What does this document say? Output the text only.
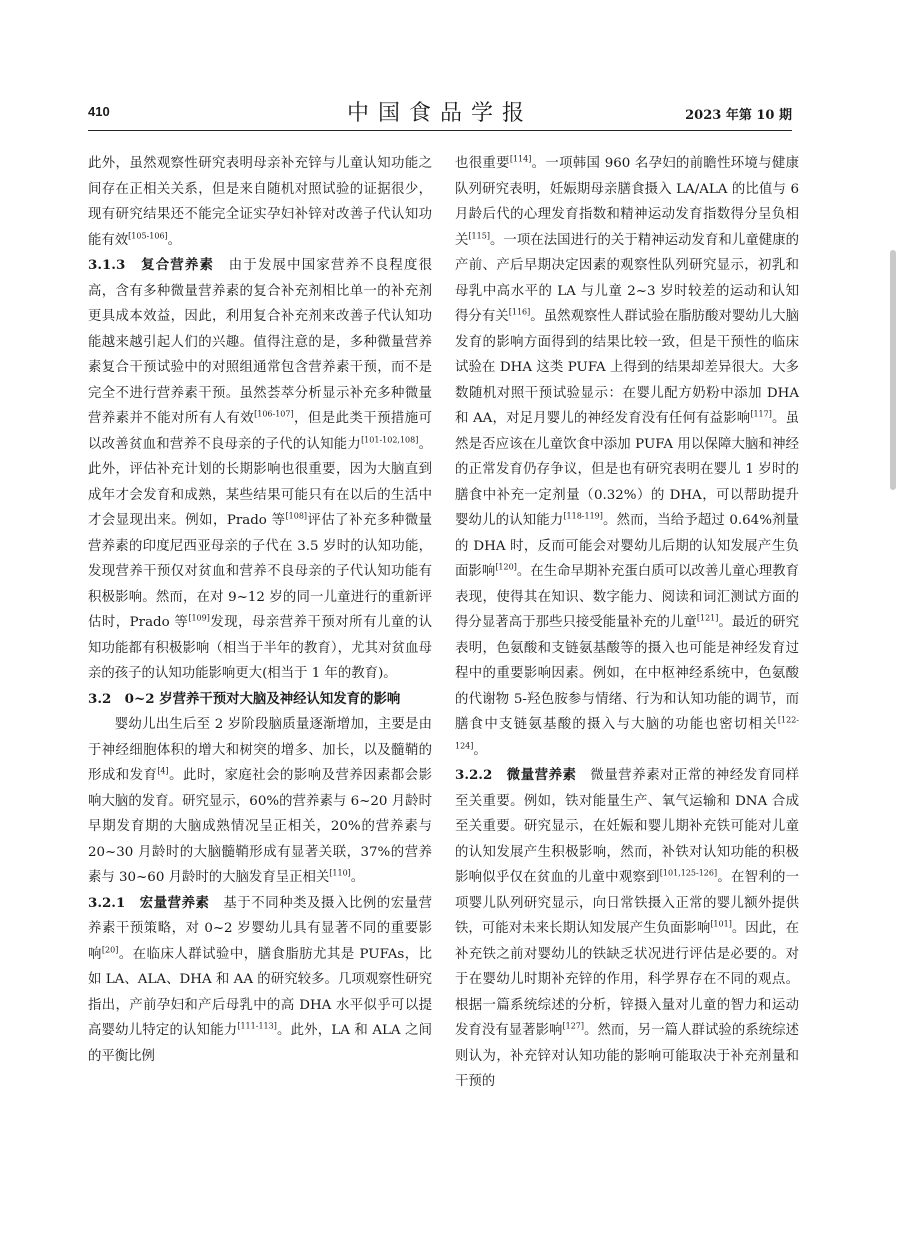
410	中国食品学报	2023 年第 10 期

此外，虽然观察性研究表明母亲补充锌与儿童认知功能之间存在正相关关系，但是来自随机对照试验的证据很少，现有研究结果还不能完全证实孕妇补锌对改善子代认知功能有效[105-106]。

3.1.3　复合营养素　由于发展中国家营养不良程度很高，含有多种微量营养素的复合补充剂相比单一的补充剂更具成本效益，因此，利用复合补充剂来改善子代认知功能越来越引起人们的兴趣。值得注意的是，多种微量营养素复合干预试验中的对照组通常包含营养素干预，而不是完全不进行营养素干预。虽然荟萃分析显示补充多种微量营养素并不能对所有人有效[106-107]，但是此类干预措施可以改善贫血和营养不良母亲的子代的认知能力[101-102,108]。此外，评估补充计划的长期影响也很重要，因为大脑直到成年才会发育和成熟，某些结果可能只有在以后的生活中才会显现出来。例如，Prado 等[108]评估了补充多种微量营养素的印度尼西亚母亲的子代在 3.5 岁时的认知功能，发现营养干预仅对贫血和营养不良母亲的子代认知功能有积极影响。然而，在对 9~12 岁的同一儿童进行的重新评估时，Prado 等[109]发现，母亲营养干预对所有儿童的认知功能都有积极影响（相当于半年的教育），尤其对贫血母亲的孩子的认知功能影响更大(相当于 1 年的教育)。

3.2　0~2 岁营养干预对大脑及神经认知发育的影响

婴幼儿出生后至 2 岁阶段脑质量逐渐增加，主要是由于神经细胞体积的增大和树突的增多、加长，以及髓鞘的形成和发育[4]。此时，家庭社会的影响及营养因素都会影响大脑的发育。研究显示，60%的营养素与 6~20 月龄时早期发育期的大脑成熟情况呈正相关，20%的营养素与 20~30 月龄时的大脑髓鞘形成有显著关联，37%的营养素与 30~60 月龄时的大脑发育呈正相关[110]。

3.2.1　宏量营养素　基于不同种类及摄入比例的宏量营养素干预策略，对 0~2 岁婴幼儿具有显著不同的重要影响[20]。在临床人群试验中，膳食脂肪尤其是 PUFAs，比如 LA、ALA、DHA 和 AA 的研究较多。几项观察性研究指出，产前孕妇和产后母乳中的高 DHA 水平似乎可以提高婴幼儿特定的认知能力[111-113]。此外，LA 和 ALA 之间的平衡比例

也很重要[114]。一项韩国 960 名孕妇的前瞻性环境与健康队列研究表明，妊娠期母亲膳食摄入 LA/ALA 的比值与 6 月龄后代的心理发育指数和精神运动发育指数得分呈负相关[115]。一项在法国进行的关于精神运动发育和儿童健康的产前、产后早期决定因素的观察性队列研究显示，初乳和母乳中高水平的 LA 与儿童 2~3 岁时较差的运动和认知得分有关[116]。虽然观察性人群试验在脂肪酸对婴幼儿大脑发育的影响方面得到的结果比较一致，但是干预性的临床试验在 DHA 这类 PUFA 上得到的结果却差异很大。大多数随机对照干预试验显示：在婴儿配方奶粉中添加 DHA 和 AA，对足月婴儿的神经发育没有任何有益影响[117]。虽然是否应该在儿童饮食中添加 PUFA 用以保障大脑和神经的正常发育仍存争议，但是也有研究表明在婴儿 1 岁时的膳食中补充一定剂量（0.32%）的 DHA，可以帮助提升婴幼儿的认知能力[118-119]。然而，当给予超过 0.64%剂量的 DHA 时，反而可能会对婴幼儿后期的认知发展产生负面影响[120]。在生命早期补充蛋白质可以改善儿童心理教育表现，使得其在知识、数字能力、阅读和词汇测试方面的得分显著高于那些只接受能量补充的儿童[121]。最近的研究表明，色氨酸和支链氨基酸等的摄入也可能是神经发育过程中的重要影响因素。例如，在中枢神经系统中，色氨酸的代谢物 5-羟色胺参与情绪、行为和认知功能的调节，而膳食中支链氨基酸的摄入与大脑的功能也密切相关[122-124]。

3.2.2　微量营养素　微量营养素对正常的神经发育同样至关重要。例如，铁对能量生产、氧气运输和 DNA 合成至关重要。研究显示，在妊娠和婴儿期补充铁可能对儿童的认知发展产生积极影响，然而，补铁对认知功能的积极影响似乎仅在贫血的儿童中观察到[101,125-126]。在智利的一项婴儿队列研究显示，向日常铁摄入正常的婴儿额外提供铁，可能对未来长期认知发展产生负面影响[101]。因此，在补充铁之前对婴幼儿的铁缺乏状况进行评估是必要的。对于在婴幼儿时期补充锌的作用，科学界存在不同的观点。根据一篇系统综述的分析，锌摄入量对儿童的智力和运动发育没有显著影响[127]。然而，另一篇人群试验的系统综述则认为，补充锌对认知功能的影响可能取决于补充剂量和干预的
